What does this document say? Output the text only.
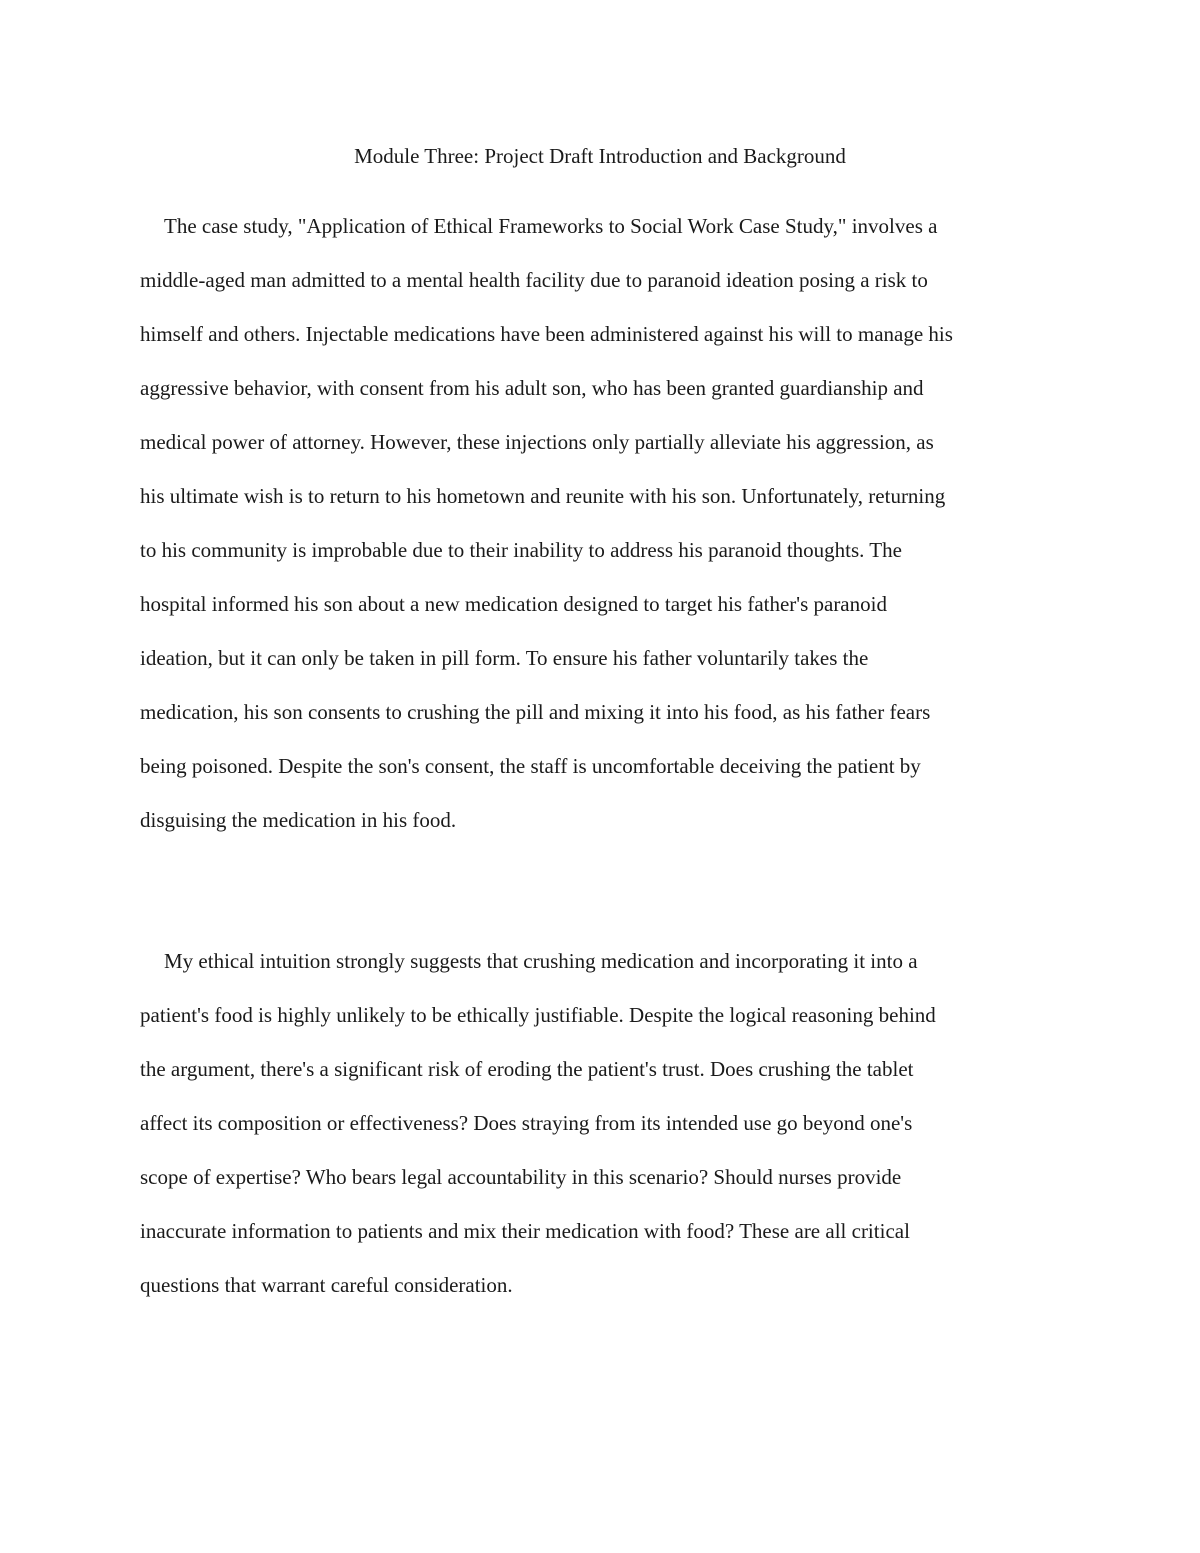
Module Three: Project Draft Introduction and Background

The case study, "Application of Ethical Frameworks to Social Work Case Study," involves a

middle-aged man admitted to a mental health facility due to paranoid ideation posing a risk to

himself and others. Injectable medications have been administered against his will to manage his

aggressive behavior, with consent from his adult son, who has been granted guardianship and

medical power of attorney. However, these injections only partially alleviate his aggression, as

his ultimate wish is to return to his hometown and reunite with his son. Unfortunately, returning

to his community is improbable due to their inability to address his paranoid thoughts. The

hospital informed his son about a new medication designed to target his father's paranoid

ideation, but it can only be taken in pill form. To ensure his father voluntarily takes the

medication, his son consents to crushing the pill and mixing it into his food, as his father fears

being poisoned. Despite the son's consent, the staff is uncomfortable deceiving the patient by

disguising the medication in his food.

My ethical intuition strongly suggests that crushing medication and incorporating it into a

patient's food is highly unlikely to be ethically justifiable. Despite the logical reasoning behind

the argument, there's a significant risk of eroding the patient's trust. Does crushing the tablet

affect its composition or effectiveness? Does straying from its intended use go beyond one's

scope of expertise? Who bears legal accountability in this scenario? Should nurses provide

inaccurate information to patients and mix their medication with food? These are all critical

questions that warrant careful consideration.
